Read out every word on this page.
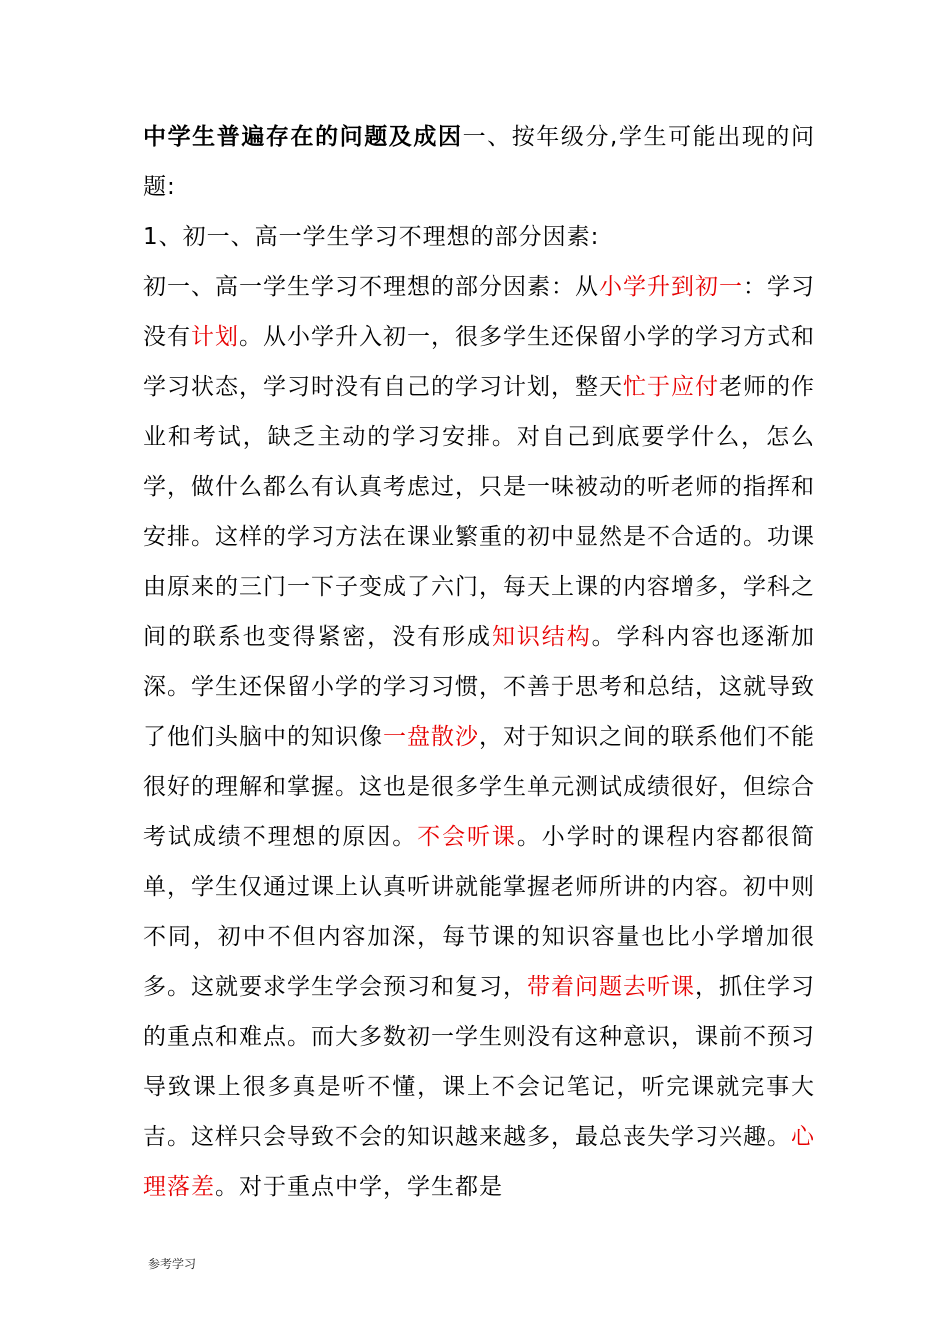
中学生普遍存在的问题及成因一、按年级分,学生可能出现的问题:

1、初一、高一学生学习不理想的部分因素:

初一、高一学生学习不理想的部分因素：从小学升到初一：学习没有计划。从小学升入初一，很多学生还保留小学的学习方式和学习状态，学习时没有自己的学习计划，整天忙于应付老师的作业和考试，缺乏主动的学习安排。对自己到底要学什么，怎么学，做什么都么有认真考虑过，只是一味被动的听老师的指挥和安排。这样的学习方法在课业繁重的初中显然是不合适的。功课由原来的三门一下子变成了六门，每天上课的内容增多，学科之间的联系也变得紧密，没有形成知识结构。学科内容也逐渐加深。学生还保留小学的学习习惯，不善于思考和总结，这就导致了他们头脑中的知识像一盘散沙，对于知识之间的联系他们不能很好的理解和掌握。这也是很多学生单元测试成绩很好，但综合考试成绩不理想的原因。不会听课。小学时的课程内容都很简单，学生仅通过课上认真听讲就能掌握老师所讲的内容。初中则不同，初中不但内容加深，每节课的知识容量也比小学增加很多。这就要求学生学会预习和复习，带着问题去听课，抓住学习的重点和难点。而大多数初一学生则没有这种意识，课前不预习导致课上很多真是听不懂，课上不会记笔记，听完课就完事大吉。这样只会导致不会的知识越来越多，最总丧失学习兴趣。心理落差。对于重点中学，学生都是

参考学习
